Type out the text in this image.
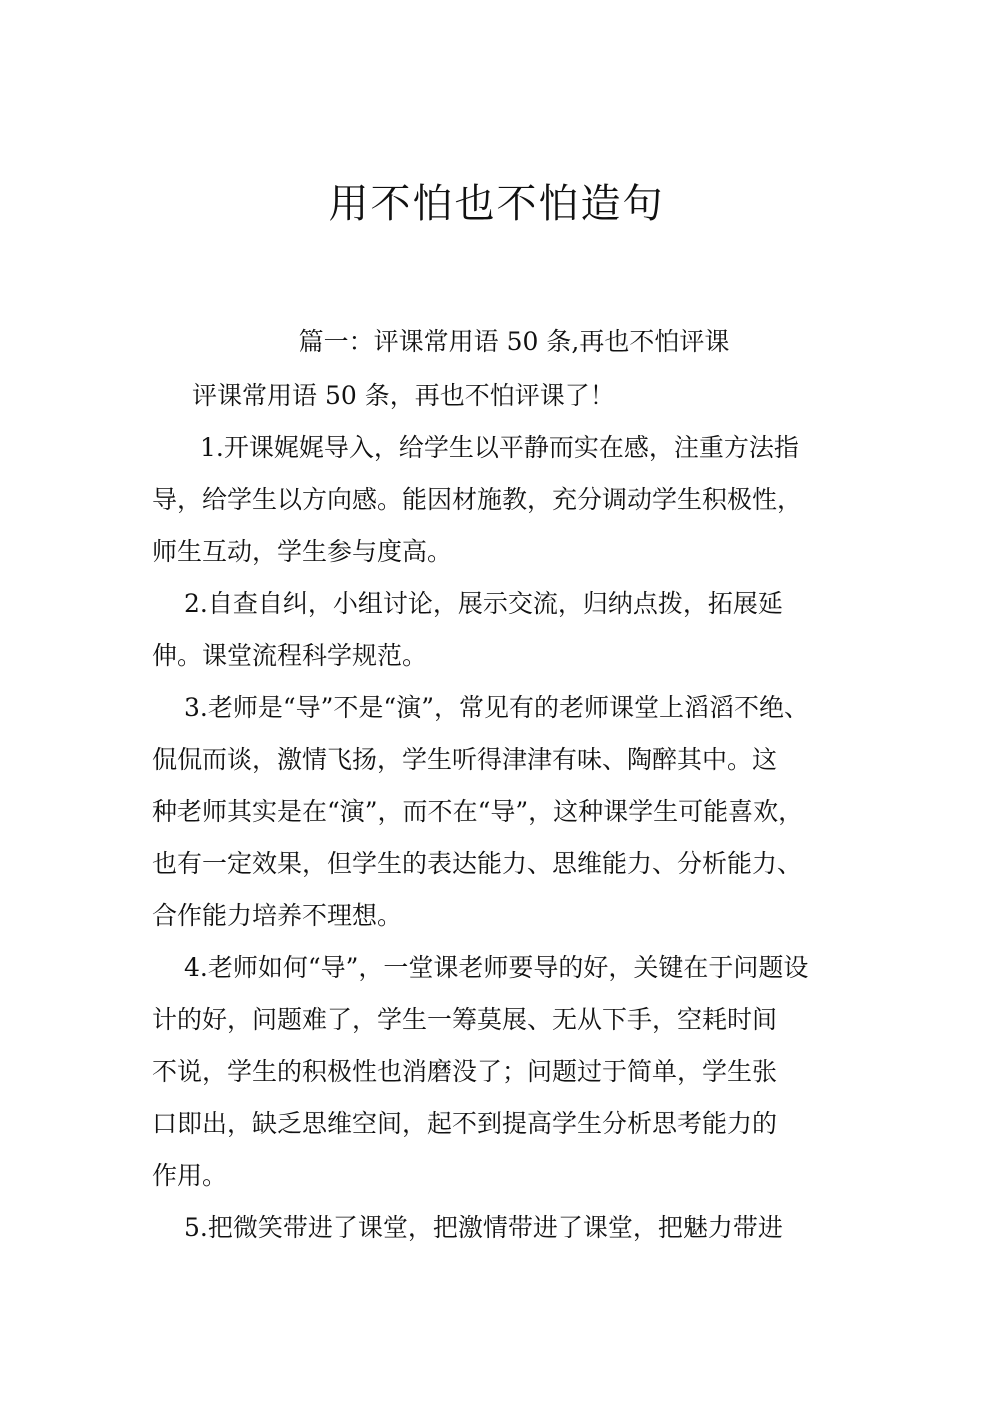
用不怕也不怕造句
篇一：评课常用语 50 条,再也不怕评课
评课常用语 50 条，再也不怕评课了！
1.开课娓娓导入，给学生以平静而实在感，注重方法指
导，给学生以方向感。能因材施教，充分调动学生积极性，
师生互动，学生参与度高。
2.自查自纠，小组讨论，展示交流，归纳点拨，拓展延
伸。课堂流程科学规范。
3.老师是“导”不是“演”，常见有的老师课堂上滔滔不绝、
侃侃而谈，激情飞扬，学生听得津津有味、陶醉其中。这
种老师其实是在“演”，而不在“导”，这种课学生可能喜欢，
也有一定效果，但学生的表达能力、思维能力、分析能力、
合作能力培养不理想。
4.老师如何“导”，一堂课老师要导的好，关键在于问题设
计的好，问题难了，学生一筹莫展、无从下手，空耗时间
不说，学生的积极性也消磨没了；问题过于简单，学生张
口即出，缺乏思维空间，起不到提高学生分析思考能力的
作用。
5.把微笑带进了课堂，把激情带进了课堂，把魅力带进
